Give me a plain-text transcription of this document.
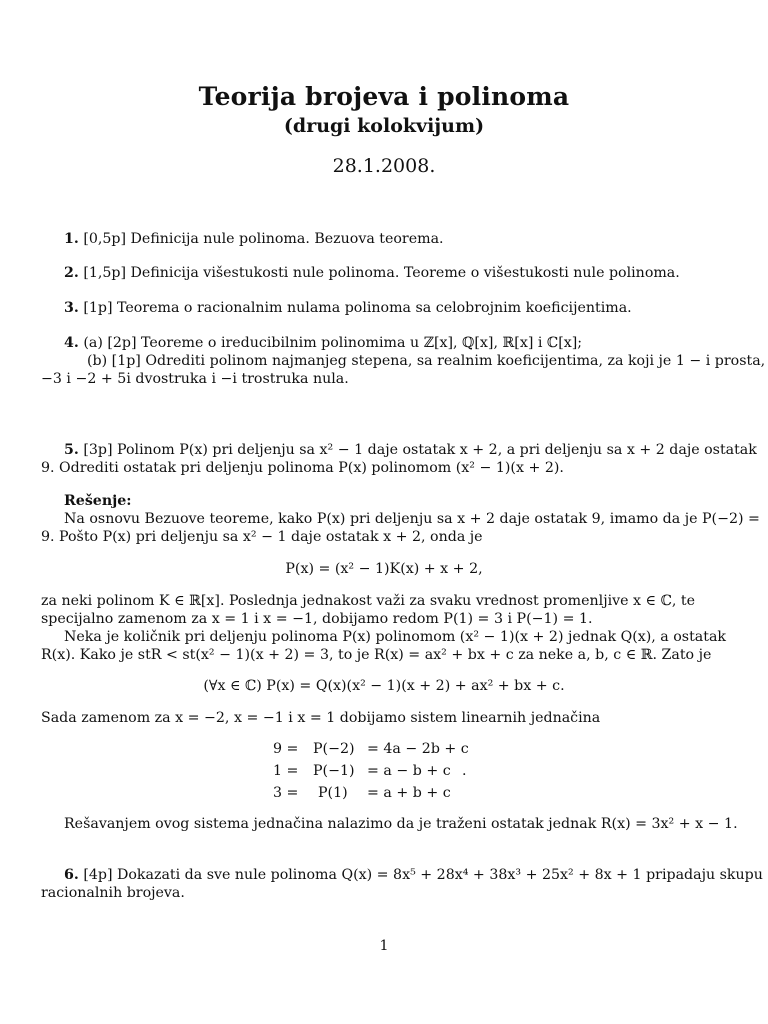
Teorija brojeva i polinoma
(drugi kolokvijum)
28.1.2008.
1. [0,5p] Definicija nule polinoma. Bezuova teorema.
2. [1,5p] Definicija višestukosti nule polinoma. Teoreme o višestukosti nule polinoma.
3. [1p] Teorema o racionalnim nulama polinoma sa celobrojnim koeficijentima.
4. (a) [2p] Teoreme o ireducibilnim polinomima u ℤ[x], ℚ[x], ℝ[x] i ℂ[x];
(b) [1p] Odrediti polinom najmanjeg stepena, sa realnim koeficijentima, za koji je 1 − i prosta,
−3 i −2 + 5i dvostruka i −i trostruka nula.
5. [3p] Polinom P(x) pri deljenju sa x² − 1 daje ostatak x + 2, a pri deljenju sa x + 2 daje ostatak
9. Odrediti ostatak pri deljenju polinoma P(x) polinomom (x² − 1)(x + 2).
Rešenje:
Na osnovu Bezuove teoreme, kako P(x) pri deljenju sa x + 2 daje ostatak 9, imamo da je P(−2) =
9. Pošto P(x) pri deljenju sa x² − 1 daje ostatak x + 2, onda je
P(x) = (x² − 1)K(x) + x + 2,
za neki polinom K ∈ ℝ[x]. Poslednja jednakost važi za svaku vrednost promenljive x ∈ ℂ, te
specijalno zamenom za x = 1 i x = −1, dobijamo redom P(1) = 3 i P(−1) = 1.
Neka je količnik pri deljenju polinoma P(x) polinomom (x² − 1)(x + 2) jednak Q(x), a ostatak
R(x). Kako je stR < st(x² − 1)(x + 2) = 3, to je R(x) = ax² + bx + c za neke a, b, c ∈ ℝ. Zato je
(∀x ∈ ℂ) P(x) = Q(x)(x² − 1)(x + 2) + ax² + bx + c.
Sada zamenom za x = −2, x = −1 i x = 1 dobijamo sistem linearnih jednačina
9 = P(−2) = 4a − 2b + c
1 = P(−1) = a − b + c .
3 = P(1) = a + b + c
Rešavanjem ovog sistema jednačina nalazimo da je traženi ostatak jednak R(x) = 3x² + x − 1.
6. [4p] Dokazati da sve nule polinoma Q(x) = 8x⁵ + 28x⁴ + 38x³ + 25x² + 8x + 1 pripadaju skupu
racionalnih brojeva.
1
